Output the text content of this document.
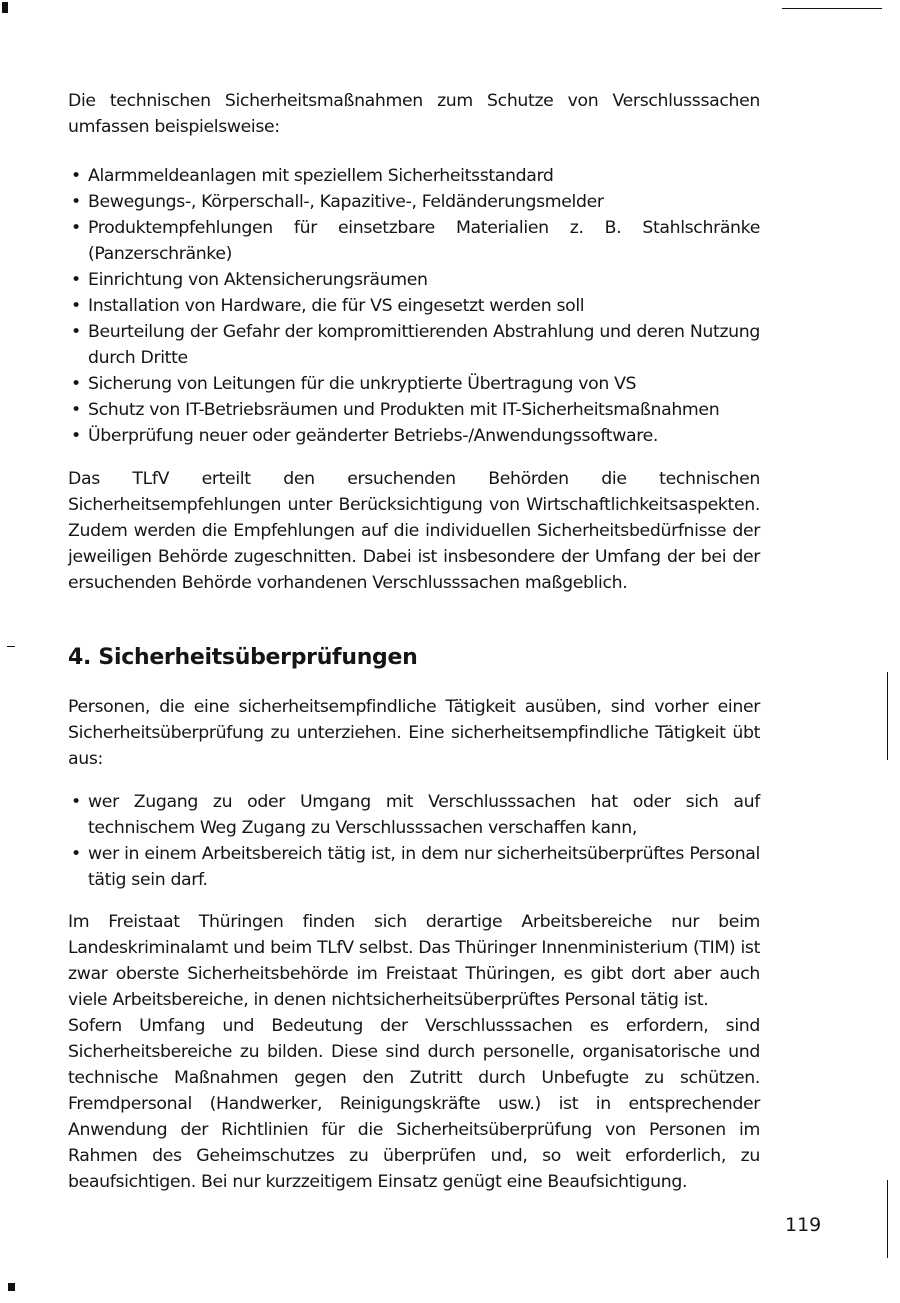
Die technischen Sicherheitsmaßnahmen zum Schutze von Verschlusssachen umfassen beispielsweise:

• Alarmmeldeanlagen mit speziellem Sicherheitsstandard
• Bewegungs-, Körperschall-, Kapazitive-, Feldänderungsmelder
• Produktempfehlungen für einsetzbare Materialien z. B. Stahlschränke (Panzerschränke)
• Einrichtung von Aktensicherungsräumen
• Installation von Hardware, die für VS eingesetzt werden soll
• Beurteilung der Gefahr der kompromittierenden Abstrahlung und deren Nutzung durch Dritte
• Sicherung von Leitungen für die unkryptierte Übertragung von VS
• Schutz von IT-Betriebsräumen und Produkten mit IT-Sicherheitsmaßnahmen
• Überprüfung neuer oder geänderter Betriebs-/Anwendungssoftware.

Das TLfV erteilt den ersuchenden Behörden die technischen Sicherheitsempfehlungen unter Berücksichtigung von Wirtschaftlichkeitsaspekten. Zudem werden die Empfehlungen auf die individuellen Sicherheitsbedürfnisse der jeweiligen Behörde zugeschnitten. Dabei ist insbesondere der Umfang der bei der ersuchenden Behörde vorhandenen Verschlusssachen maßgeblich.

4. Sicherheitsüberprüfungen

Personen, die eine sicherheitsempfindliche Tätigkeit ausüben, sind vorher einer Sicherheitsüberprüfung zu unterziehen. Eine sicherheitsempfindliche Tätigkeit übt aus:

• wer Zugang zu oder Umgang mit Verschlusssachen hat oder sich auf technischem Weg Zugang zu Verschlusssachen verschaffen kann,
• wer in einem Arbeitsbereich tätig ist, in dem nur sicherheitsüberprüftes Personal tätig sein darf.

Im Freistaat Thüringen finden sich derartige Arbeitsbereiche nur beim Landeskriminalamt und beim TLfV selbst. Das Thüringer Innenministerium (TIM) ist zwar oberste Sicherheitsbehörde im Freistaat Thüringen, es gibt dort aber auch viele Arbeitsbereiche, in denen nichtsicherheitsüberprüftes Personal tätig ist.

Sofern Umfang und Bedeutung der Verschlusssachen es erfordern, sind Sicherheitsbereiche zu bilden. Diese sind durch personelle, organisatorische und technische Maßnahmen gegen den Zutritt durch Unbefugte zu schützen. Fremdpersonal (Handwerker, Reinigungskräfte usw.) ist in entsprechender Anwendung der Richtlinien für die Sicherheitsüberprüfung von Personen im Rahmen des Geheimschutzes zu überprüfen und, so weit erforderlich, zu beaufsichtigen. Bei nur kurzzeitigem Einsatz genügt eine Beaufsichtigung.

119
